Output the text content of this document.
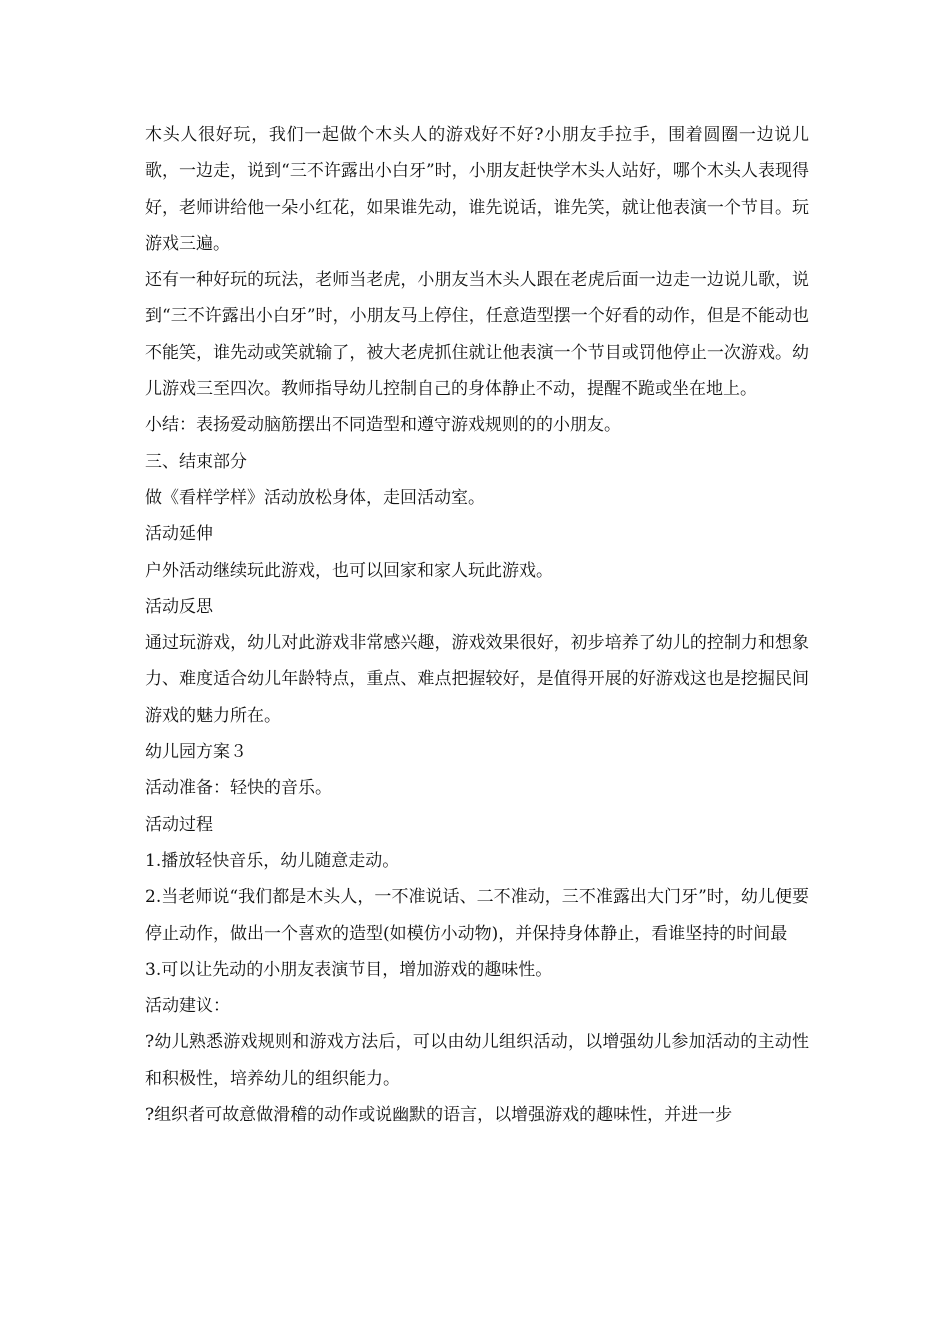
木头人很好玩，我们一起做个木头人的游戏好不好?小朋友手拉手，围着圆圈一边说儿歌，一边走，说到“三不许露出小白牙”时，小朋友赶快学木头人站好，哪个木头人表现得好，老师讲给他一朵小红花，如果谁先动，谁先说话，谁先笑，就让他表演一个节目。玩游戏三遍。

还有一种好玩的玩法，老师当老虎，小朋友当木头人跟在老虎后面一边走一边说儿歌，说到“三不许露出小白牙”时，小朋友马上停住，任意造型摆一个好看的动作，但是不能动也不能笑，谁先动或笑就输了，被大老虎抓住就让他表演一个节目或罚他停止一次游戏。幼儿游戏三至四次。教师指导幼儿控制自己的身体静止不动，提醒不跪或坐在地上。

小结：表扬爱动脑筋摆出不同造型和遵守游戏规则的的小朋友。

三、结束部分

做《看样学样》活动放松身体，走回活动室。

活动延伸

户外活动继续玩此游戏，也可以回家和家人玩此游戏。

活动反思

通过玩游戏，幼儿对此游戏非常感兴趣，游戏效果很好，初步培养了幼儿的控制力和想象力、难度适合幼儿年龄特点，重点、难点把握较好，是值得开展的好游戏这也是挖掘民间游戏的魅力所在。

幼儿园方案３

活动准备：轻快的音乐。

活动过程

1.播放轻快音乐，幼儿随意走动。

2.当老师说“我们都是木头人，一不准说话、二不准动，三不准露出大门牙”时，幼儿便要停止动作，做出一个喜欢的造型(如模仿小动物)，并保持身体静止，看谁坚持的时间最

3.可以让先动的小朋友表演节目，增加游戏的趣味性。

活动建议：

?幼儿熟悉游戏规则和游戏方法后，可以由幼儿组织活动，以增强幼儿参加活动的主动性和积极性，培养幼儿的组织能力。

?组织者可故意做滑稽的动作或说幽默的语言，以增强游戏的趣味性，并进一步
